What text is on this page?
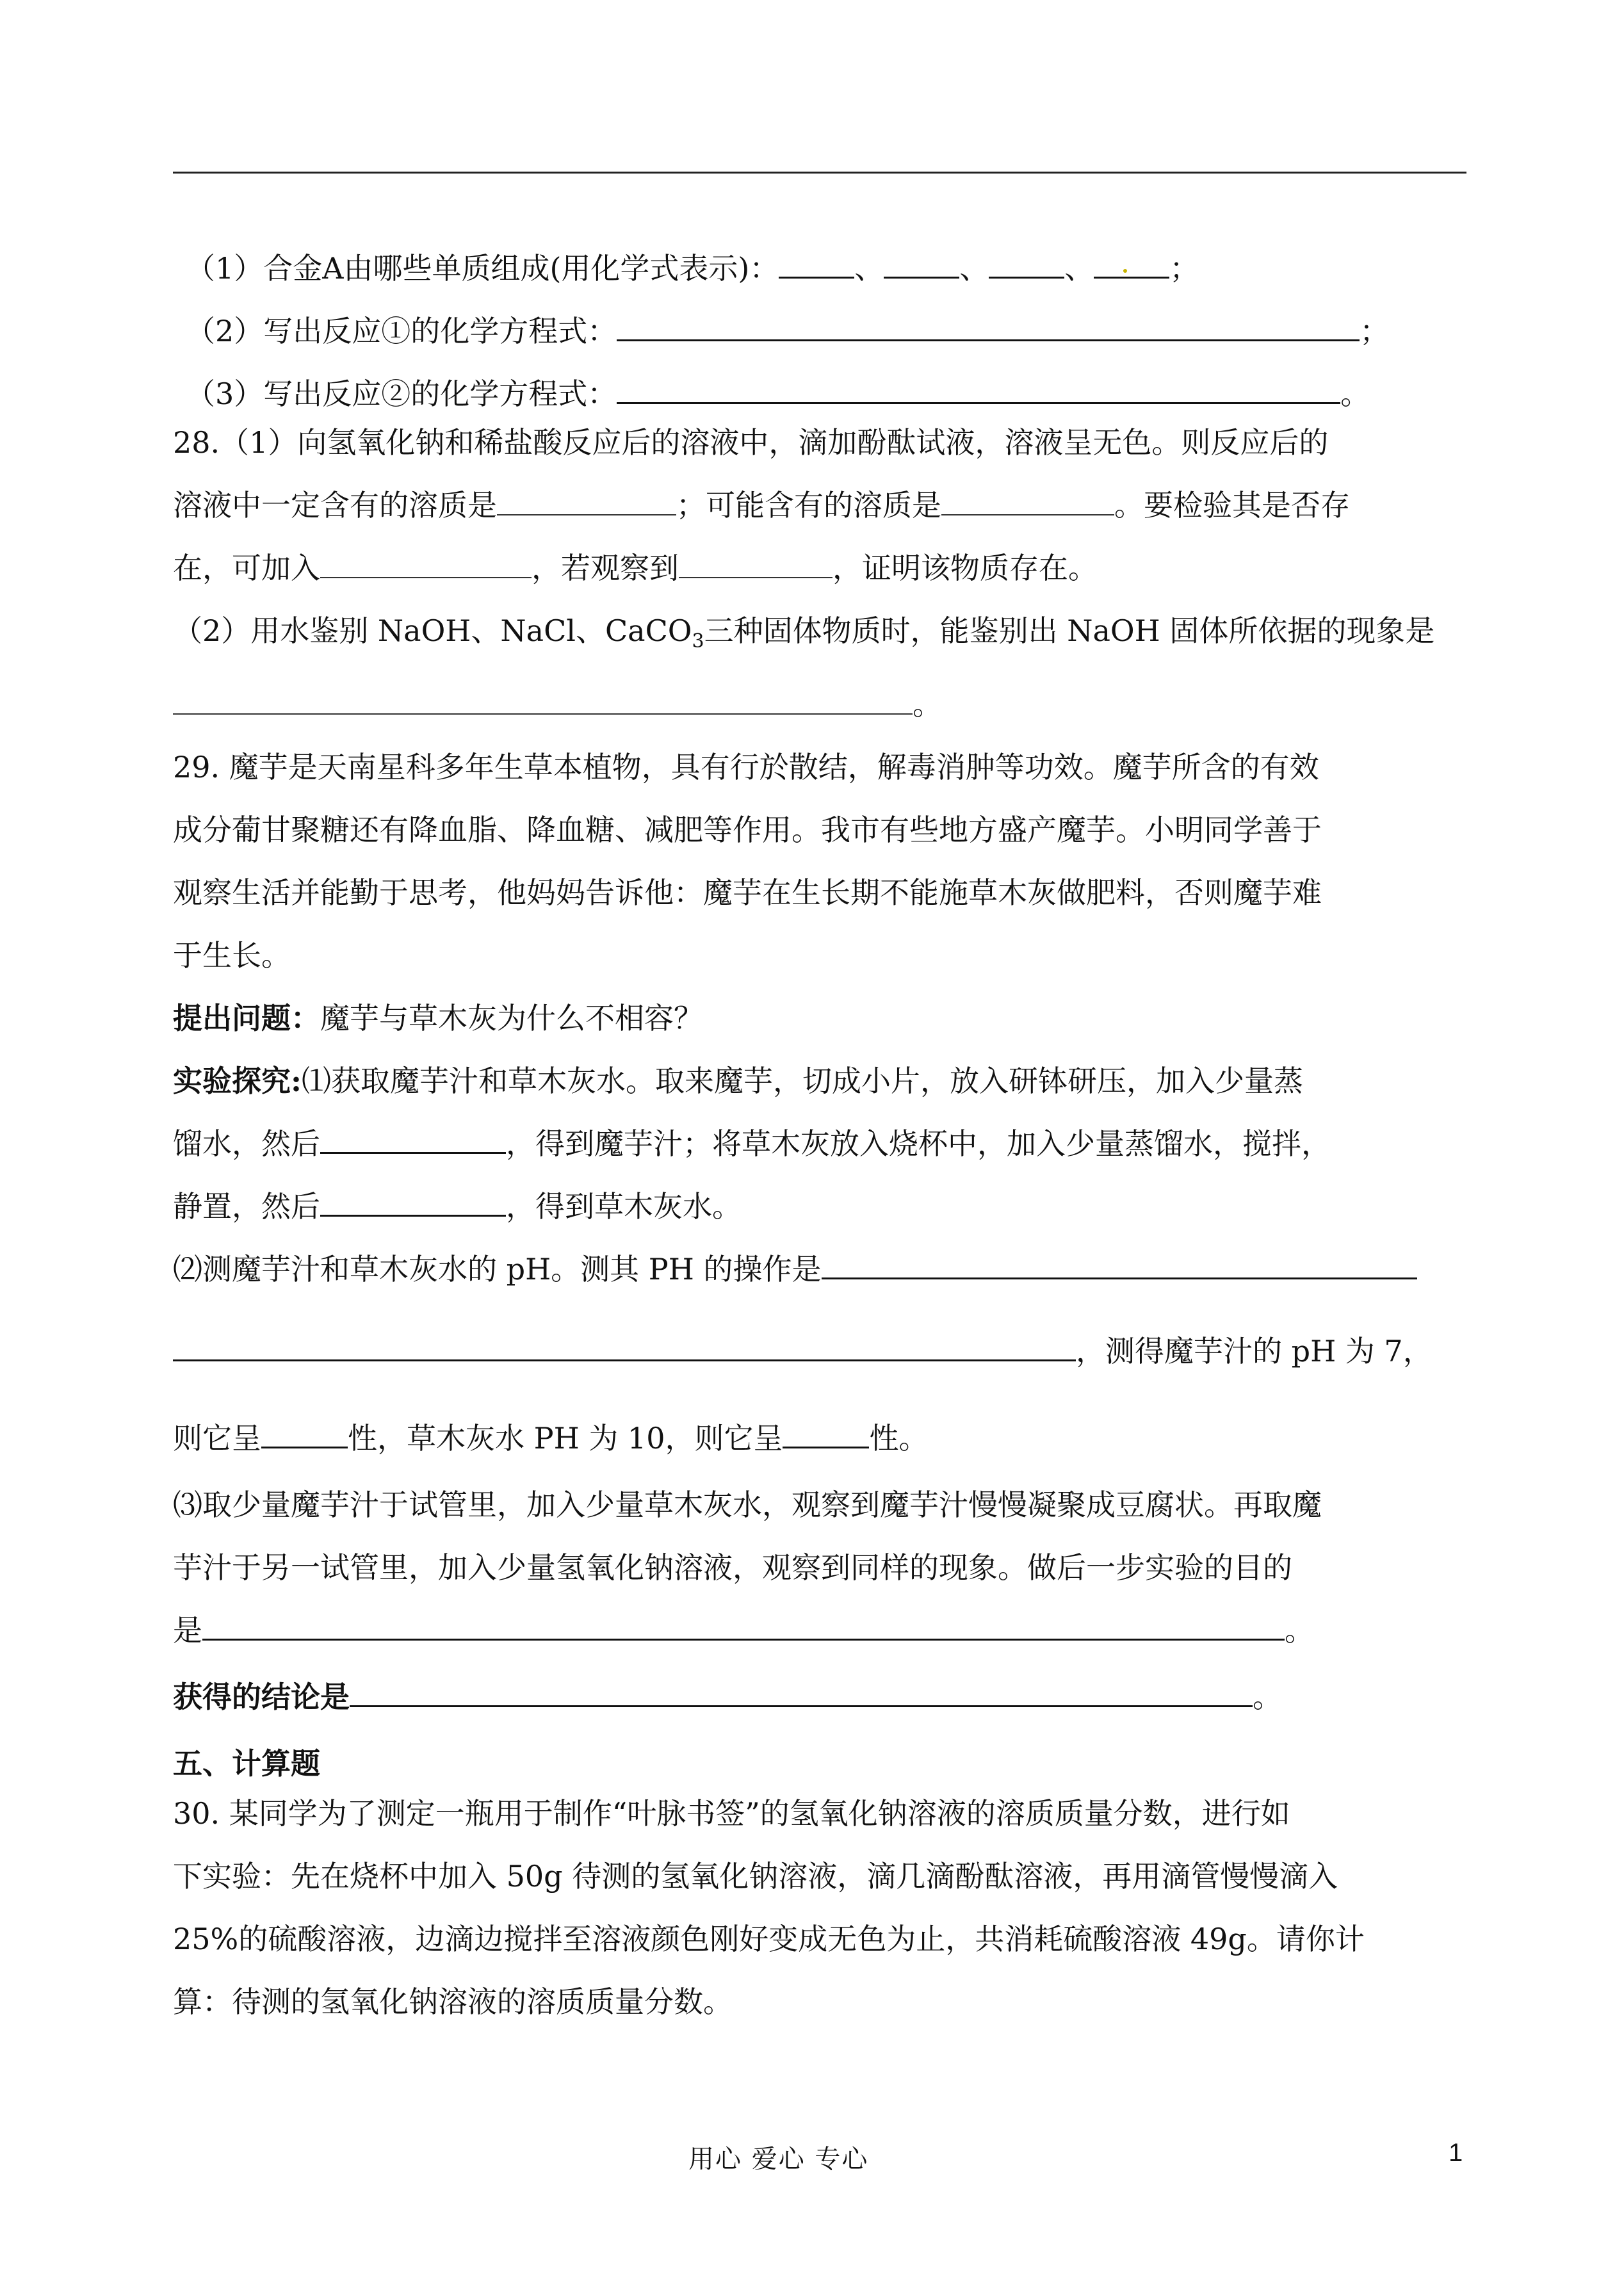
（1）合金A由哪些单质组成(用化学式表示)：	、	、	、	；
（2）写出反应①的化学方程式：	；
（3）写出反应②的化学方程式：	。
28.（1）向氢氧化钠和稀盐酸反应后的溶液中，滴加酚酞试液，溶液呈无色。则反应后的
溶液中一定含有的溶质是	；可能含有的溶质是	。要检验其是否存
在，可加入	，若观察到	，证明该物质存在。
（2）用水鉴别 NaOH、NaCl、CaCO$_3$三种固体物质时，能鉴别出 NaOH 固体所依据的现象是
。
29. 魔芋是天南星科多年生草本植物，具有行於散结，解毒消肿等功效。魔芋所含的有效
成分葡甘聚糖还有降血脂、降血糖、减肥等作用。我市有些地方盛产魔芋。小明同学善于
观察生活并能勤于思考，他妈妈告诉他：魔芋在生长期不能施草木灰做肥料，否则魔芋难
于生长。
提出问题：魔芋与草木灰为什么不相容？
实验探究:⑴获取魔芋汁和草木灰水。取来魔芋，切成小片，放入研钵研压，加入少量蒸
馏水，然后	，得到魔芋汁；将草木灰放入烧杯中，加入少量蒸馏水，搅拌，
静置，然后	，得到草木灰水。
⑵测魔芋汁和草木灰水的 pH。测其 PH 的操作是
，测得魔芋汁的 pH 为 7，
则它呈	性，草木灰水 PH 为 10，则它呈	性。
⑶取少量魔芋汁于试管里，加入少量草木灰水，观察到魔芋汁慢慢凝聚成豆腐状。再取魔
芋汁于另一试管里，加入少量氢氧化钠溶液，观察到同样的现象。做后一步实验的目的
是	。
获得的结论是	。
五、计算题
30. 某同学为了测定一瓶用于制作“叶脉书签”的氢氧化钠溶液的溶质质量分数，进行如
下实验：先在烧杯中加入 50g 待测的氢氧化钠溶液，滴几滴酚酞溶液，再用滴管慢慢滴入
25%的硫酸溶液，边滴边搅拌至溶液颜色刚好变成无色为止，共消耗硫酸溶液 49g。请你计
算：待测的氢氧化钠溶液的溶质质量分数。
用心 爱心 专心	1
